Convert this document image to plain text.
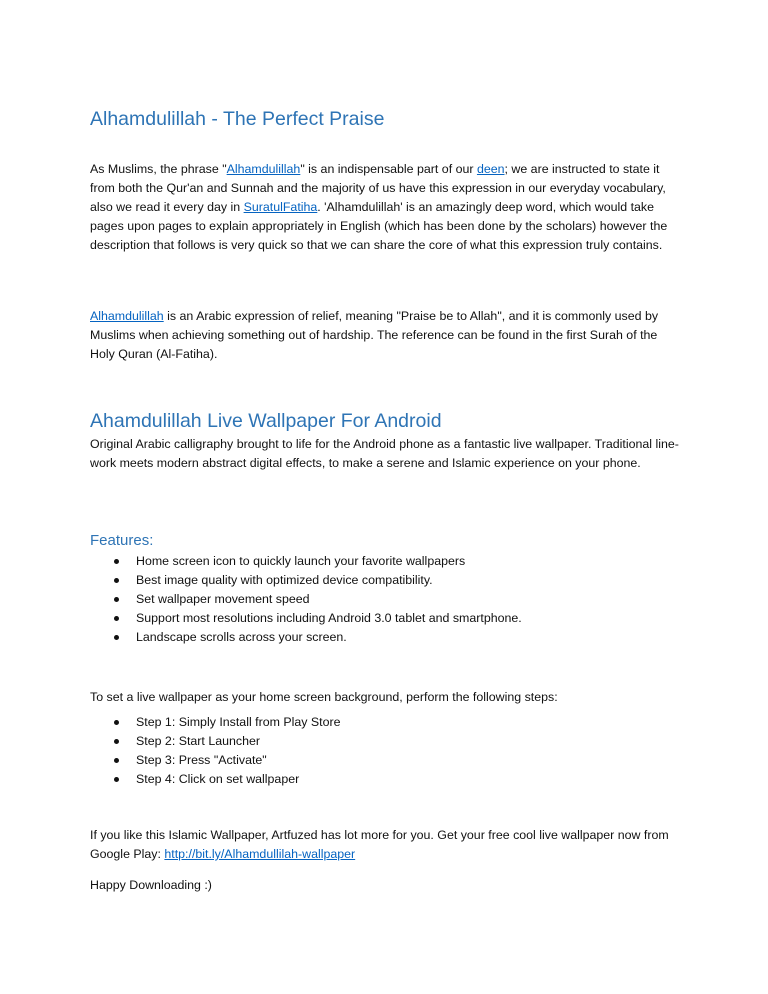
Alhamdulillah - The Perfect Praise

As Muslims, the phrase "Alhamdulillah" is an indispensable part of our deen; we are instructed to state it from both the Qur'an and Sunnah and the majority of us have this expression in our everyday vocabulary, also we read it every day in SuratulFatiha. 'Alhamdulillah' is an amazingly deep word, which would take pages upon pages to explain appropriately in English (which has been done by the scholars) however the description that follows is very quick so that we can share the core of what this expression truly contains.

Alhamdulillah is an Arabic expression of relief, meaning "Praise be to Allah", and it is commonly used by Muslims when achieving something out of hardship. The reference can be found in the first Surah of the Holy Quran (Al-Fatiha).

Ahamdulillah Live Wallpaper For Android

Original Arabic calligraphy brought to life for the Android phone as a fantastic live wallpaper. Traditional line-work meets modern abstract digital effects, to make a serene and Islamic experience on your phone.

Features:
Home screen icon to quickly launch your favorite wallpapers
Best image quality with optimized device compatibility.
Set wallpaper movement speed
Support most resolutions including Android 3.0 tablet and smartphone.
Landscape scrolls across your screen.

To set a live wallpaper as your home screen background, perform the following steps:

Step 1: Simply Install from Play Store
Step 2: Start Launcher
Step 3: Press "Activate"
Step 4: Click on set wallpaper

If you like this Islamic Wallpaper, Artfuzed has lot more for you. Get your free cool live wallpaper now from Google Play: http://bit.ly/Alhamdullilah-wallpaper

Happy Downloading :)
